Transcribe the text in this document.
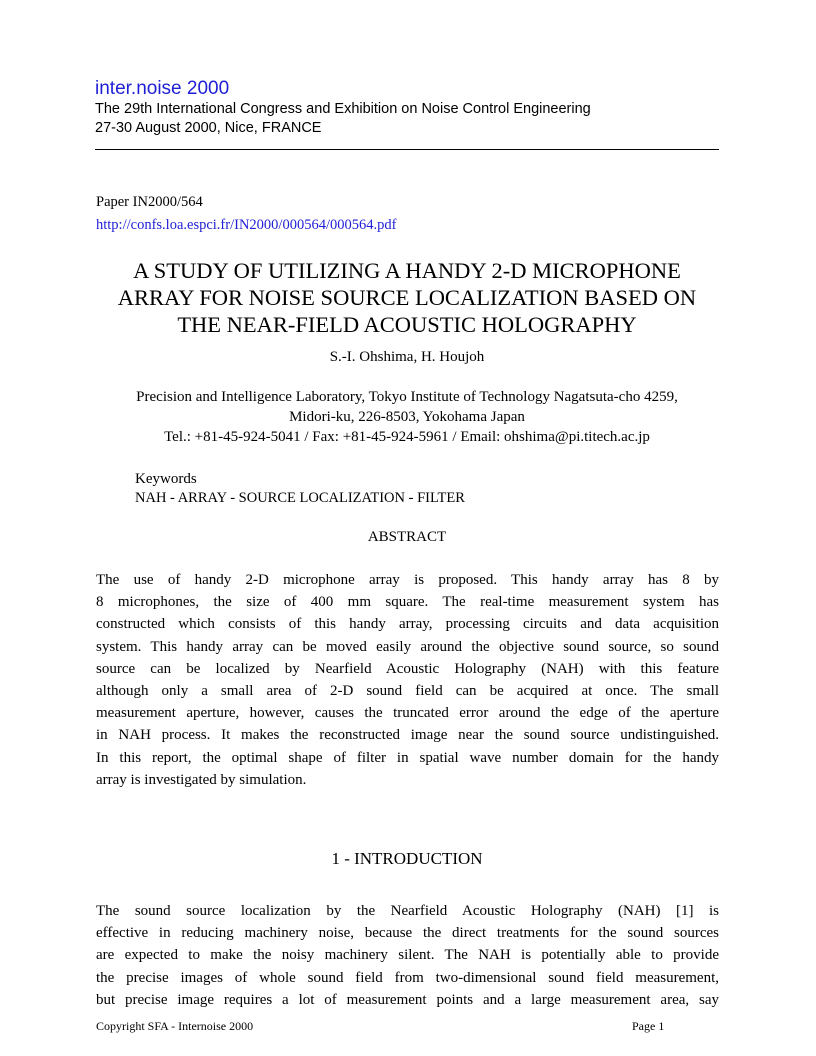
inter.noise 2000
The 29th International Congress and Exhibition on Noise Control Engineering
27-30 August 2000, Nice, FRANCE
Paper IN2000/564
http://confs.loa.espci.fr/IN2000/000564/000564.pdf
A STUDY OF UTILIZING A HANDY 2-D MICROPHONE
ARRAY FOR NOISE SOURCE LOCALIZATION BASED ON
THE NEAR-FIELD ACOUSTIC HOLOGRAPHY
S.-I. Ohshima, H. Houjoh
Precision and Intelligence Laboratory, Tokyo Institute of Technology Nagatsuta-cho 4259,
Midori-ku, 226-8503, Yokohama Japan
Tel.: +81-45-924-5041 / Fax: +81-45-924-5961 / Email: ohshima@pi.titech.ac.jp
Keywords
NAH - ARRAY - SOURCE LOCALIZATION - FILTER
ABSTRACT
The use of handy 2-D microphone array is proposed. This handy array has 8 by
8 microphones, the size of 400 mm square. The real-time measurement system has
constructed which consists of this handy array, processing circuits and data acquisition
system. This handy array can be moved easily around the objective sound source, so sound
source can be localized by Nearfield Acoustic Holography (NAH) with this feature
although only a small area of 2-D sound field can be acquired at once. The small
measurement aperture, however, causes the truncated error around the edge of the aperture
in NAH process. It makes the reconstructed image near the sound source undistinguished.
In this report, the optimal shape of filter in spatial wave number domain for the handy
array is investigated by simulation.
1 - INTRODUCTION
The sound source localization by the Nearfield Acoustic Holography (NAH) [1] is
effective in reducing machinery noise, because the direct treatments for the sound sources
are expected to make the noisy machinery silent. The NAH is potentially able to provide
the precise images of whole sound field from two-dimensional sound field measurement,
but precise image requires a lot of measurement points and a large measurement area, say
Copyright SFA - Internoise 2000	Page 1
